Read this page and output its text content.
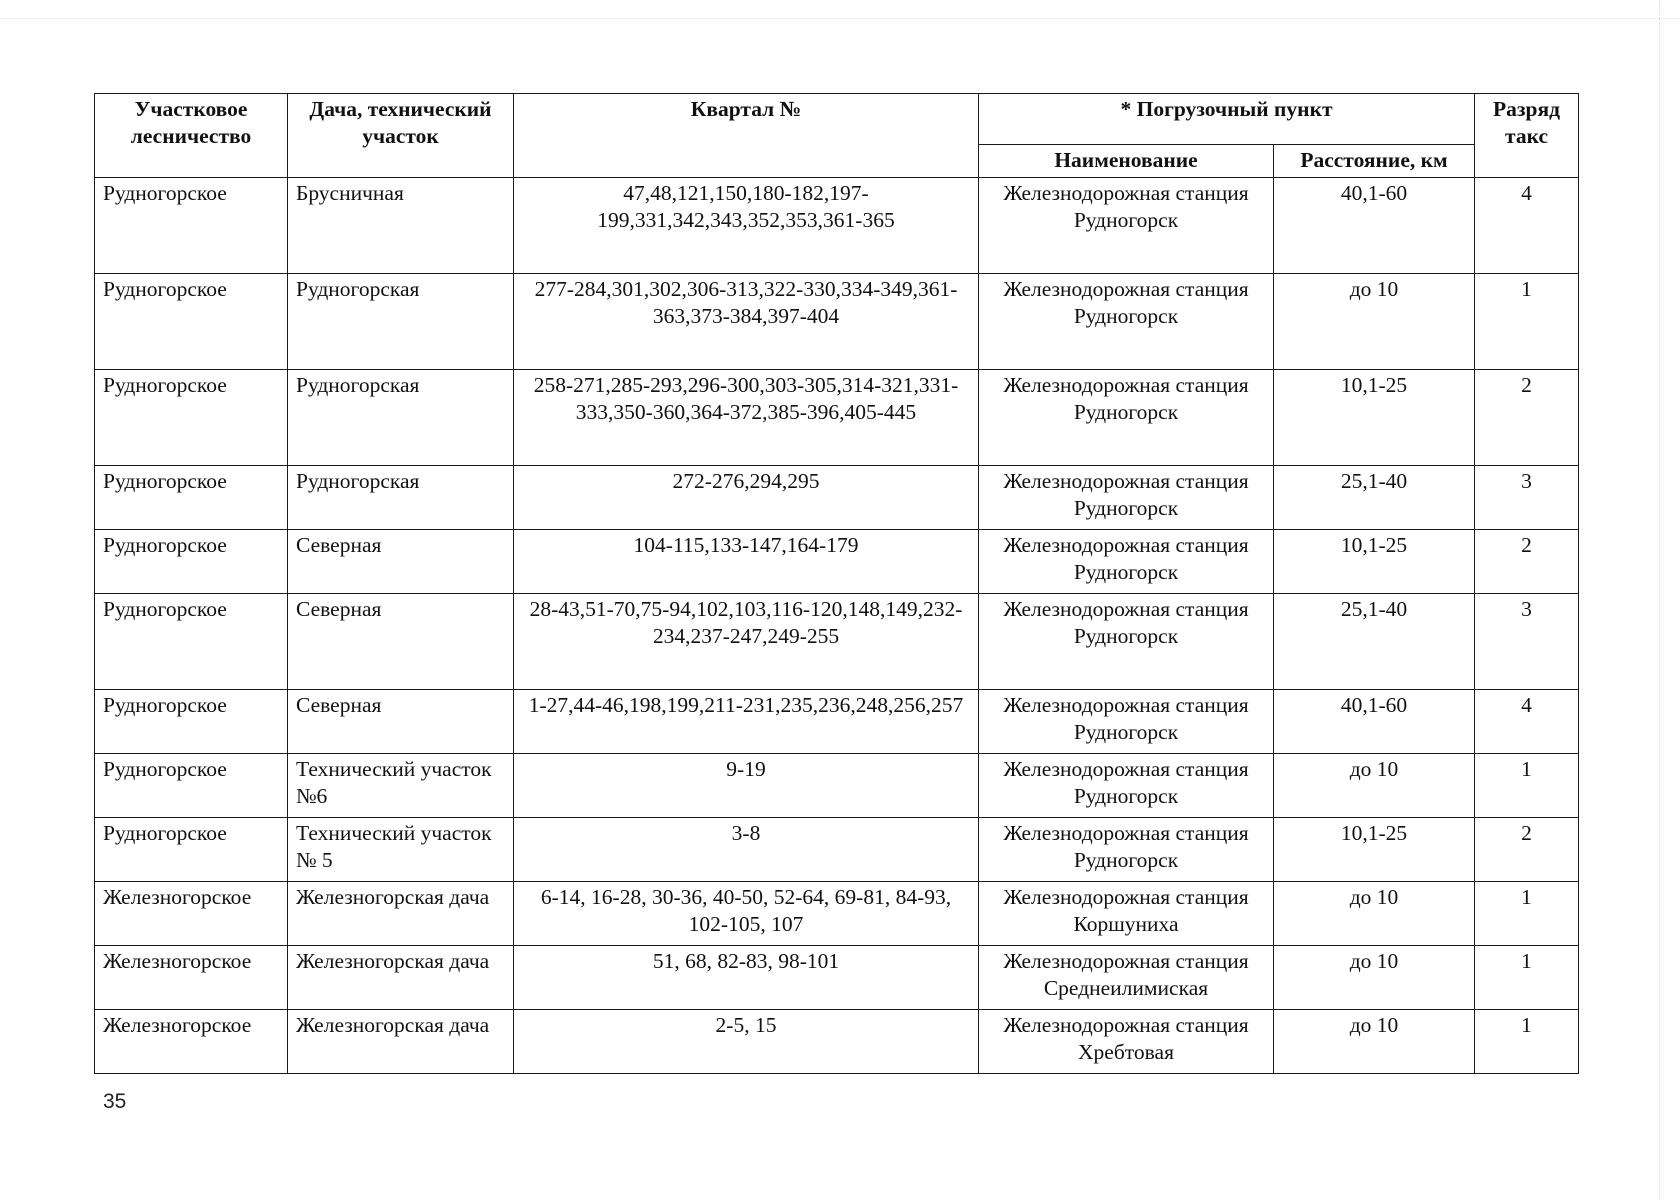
Участковое лесничество	Дача, технический участок	Квартал №	* Погрузочный пункт		Разряд такс
			Наименование	Расстояние, км	
Рудногорское	Брусничная	47,48,121,150,180-182,197-199,331,342,343,352,353,361-365	Железнодорожная станция Рудногорск	40,1-60	4
Рудногорское	Рудногорская	277-284,301,302,306-313,322-330,334-349,361-363,373-384,397-404	Железнодорожная станция Рудногорск	до 10	1
Рудногорское	Рудногорская	258-271,285-293,296-300,303-305,314-321,331-333,350-360,364-372,385-396,405-445	Железнодорожная станция Рудногорск	10,1-25	2
Рудногорское	Рудногорская	272-276,294,295	Железнодорожная станция Рудногорск	25,1-40	3
Рудногорское	Северная	104-115,133-147,164-179	Железнодорожная станция Рудногорск	10,1-25	2
Рудногорское	Северная	28-43,51-70,75-94,102,103,116-120,148,149,232-234,237-247,249-255	Железнодорожная станция Рудногорск	25,1-40	3
Рудногорское	Северная	1-27,44-46,198,199,211-231,235,236,248,256,257	Железнодорожная станция Рудногорск	40,1-60	4
Рудногорское	Технический участок №6	9-19	Железнодорожная станция Рудногорск	до 10	1
Рудногорское	Технический участок № 5	3-8	Железнодорожная станция Рудногорск	10,1-25	2
Железногорское	Железногорская дача	6-14, 16-28, 30-36, 40-50, 52-64, 69-81, 84-93, 102-105, 107	Железнодорожная станция Коршуниха	до 10	1
Железногорское	Железногорская дача	51, 68, 82-83, 98-101	Железнодорожная станция Среднеилимиская	до 10	1
Железногорское	Железногорская дача	2-5, 15	Железнодорожная станция Хребтовая	до 10	1
35
